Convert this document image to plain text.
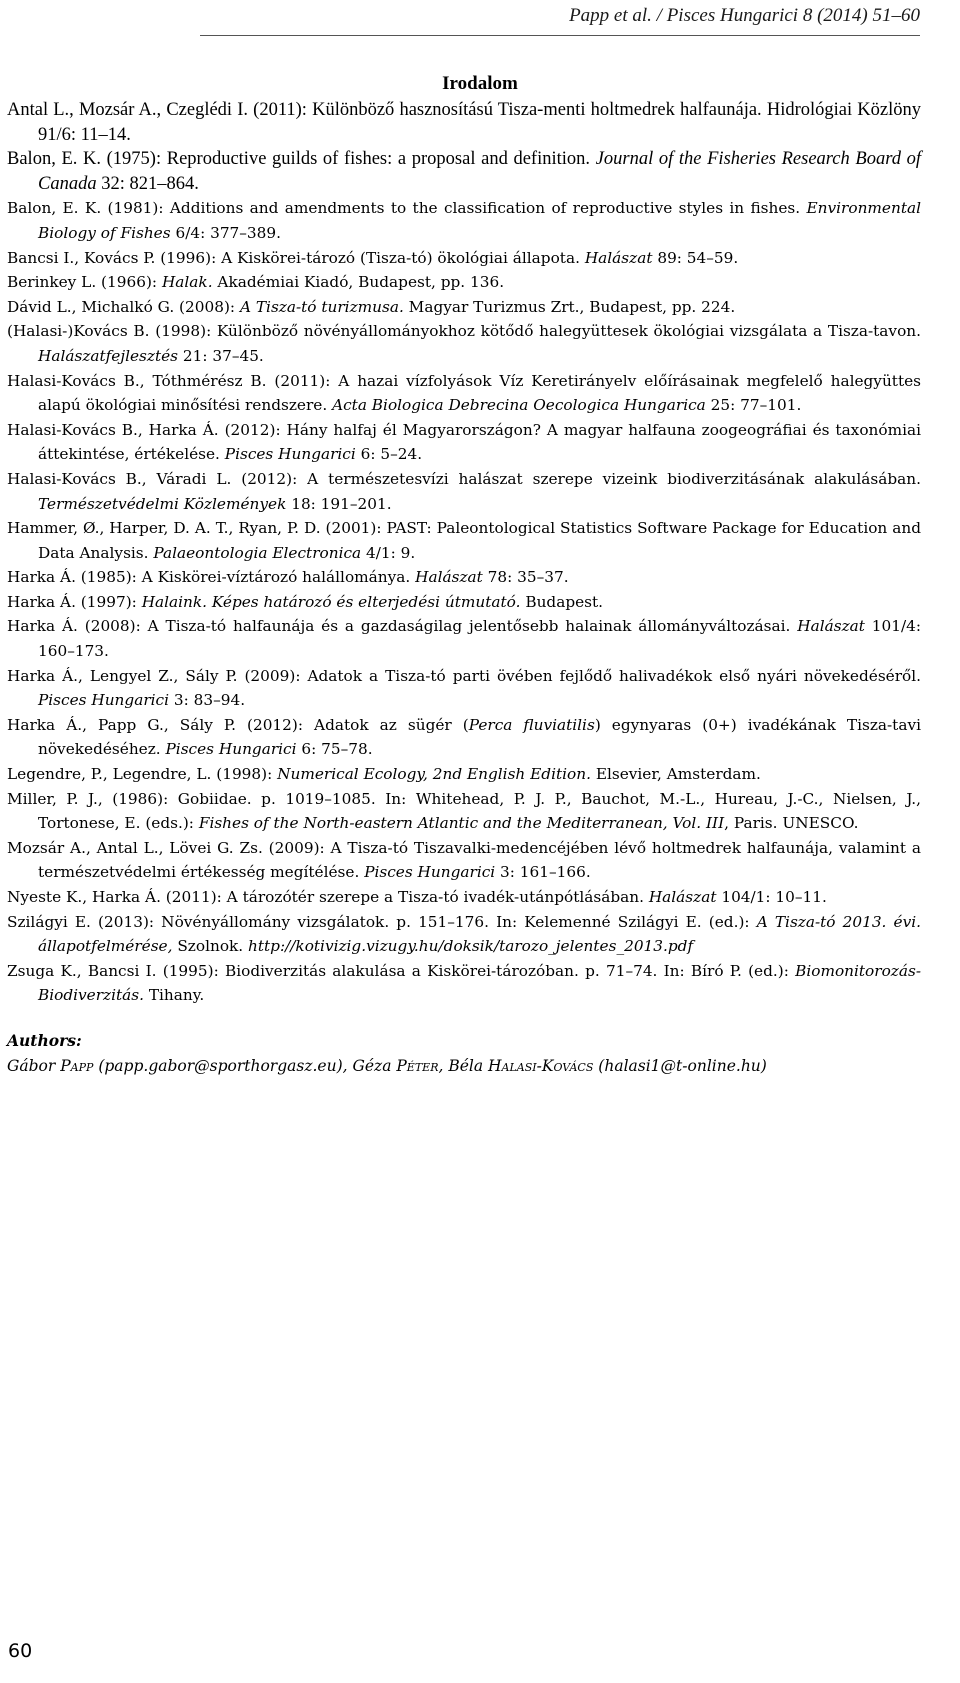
Papp et al. / Pisces Hungarici 8 (2014) 51–60
Irodalom

Antal L., Mozsár A., Czeglédi I. (2011): Különböző hasznosítású Tisza-menti holtmedrek halfaunája. Hidrológiai Közlöny 91/6: 11–14.

Balon, E. K. (1975): Reproductive guilds of fishes: a proposal and definition. Journal of the Fisheries Research Board of Canada 32: 821–864.

Balon, E. K. (1981): Additions and amendments to the classification of reproductive styles in fishes. Environmental Biology of Fishes 6/4: 377–389.

Bancsi I., Kovács P. (1996): A Kiskörei-tározó (Tisza-tó) ökológiai állapota. Halászat 89: 54–59.

Berinkey L. (1966): Halak. Akadémiai Kiadó, Budapest, pp. 136.

Dávid L., Michalkó G. (2008): A Tisza-tó turizmusa. Magyar Turizmus Zrt., Budapest, pp. 224.

(Halasi-)Kovács B. (1998): Különböző növényállományokhoz kötődő halegyüttesek ökológiai vizsgálata a Tisza-tavon. Halászatfejlesztés 21: 37–45.

Halasi-Kovács B., Tóthmérész B. (2011): A hazai vízfolyások Víz Keretirányelv előírásainak megfelelő halegyüttes alapú ökológiai minősítési rendszere. Acta Biologica Debrecina Oecologica Hungarica 25: 77–101.

Halasi-Kovács B., Harka Á. (2012): Hány halfaj él Magyarországon? A magyar halfauna zoogeográfiai és taxonómiai áttekintése, értékelése. Pisces Hungarici 6: 5–24.

Halasi-Kovács B., Váradi L. (2012): A természetesvízi halászat szerepe vizeink biodiverzitásának alakulásában. Természetvédelmi Közlemények 18: 191–201.

Hammer, Ø., Harper, D. A. T., Ryan, P. D. (2001): PAST: Paleontological Statistics Software Package for Education and Data Analysis. Palaeontologia Electronica 4/1: 9.

Harka Á. (1985): A Kiskörei-víztározó halállománya. Halászat 78: 35–37.

Harka Á. (1997): Halaink. Képes határozó és elterjedési útmutató. Budapest.

Harka Á. (2008): A Tisza-tó halfaunája és a gazdaságilag jelentősebb halainak állományváltozásai. Halászat 101/4: 160–173.

Harka Á., Lengyel Z., Sály P. (2009): Adatok a Tisza-tó parti övében fejlődő halivadékok első nyári növekedéséről. Pisces Hungarici 3: 83–94.

Harka Á., Papp G., Sály P. (2012): Adatok az sügér (Perca fluviatilis) egynyaras (0+) ivadékának Tisza-tavi növekedéséhez. Pisces Hungarici 6: 75–78.

Legendre, P., Legendre, L. (1998): Numerical Ecology, 2nd English Edition. Elsevier, Amsterdam.

Miller, P. J., (1986): Gobiidae. p. 1019–1085. In: Whitehead, P. J. P., Bauchot, M.-L., Hureau, J.-C., Nielsen, J., Tortonese, E. (eds.): Fishes of the North-eastern Atlantic and the Mediterranean, Vol. III, Paris. UNESCO.

Mozsár A., Antal L., Lövei G. Zs. (2009): A Tisza-tó Tiszavalki-medencéjében lévő holtmedrek halfaunája, valamint a természetvédelmi értékesség megítélése. Pisces Hungarici 3: 161–166.

Nyeste K., Harka Á. (2011): A tározótér szerepe a Tisza-tó ivadék-utánpótlásában. Halászat 104/1: 10–11.

Szilágyi E. (2013): Növényállomány vizsgálatok. p. 151–176. In: Kelemenné Szilágyi E. (ed.): A Tisza-tó 2013. évi. állapotfelmérése, Szolnok. http://kotivizig.vizugy.hu/doksik/tarozo_jelentes_2013.pdf

Zsuga K., Bancsi I. (1995): Biodiverzitás alakulása a Kiskörei-tározóban. p. 71–74. In: Bíró P. (ed.): Biomonitorozás-Biodiverzitás. Tihany.

Authors:
Gábor Papp (papp.gabor@sporthorgasz.eu), Géza Péter, Béla Halasi-Kovács (halasi1@t-online.hu)
60
